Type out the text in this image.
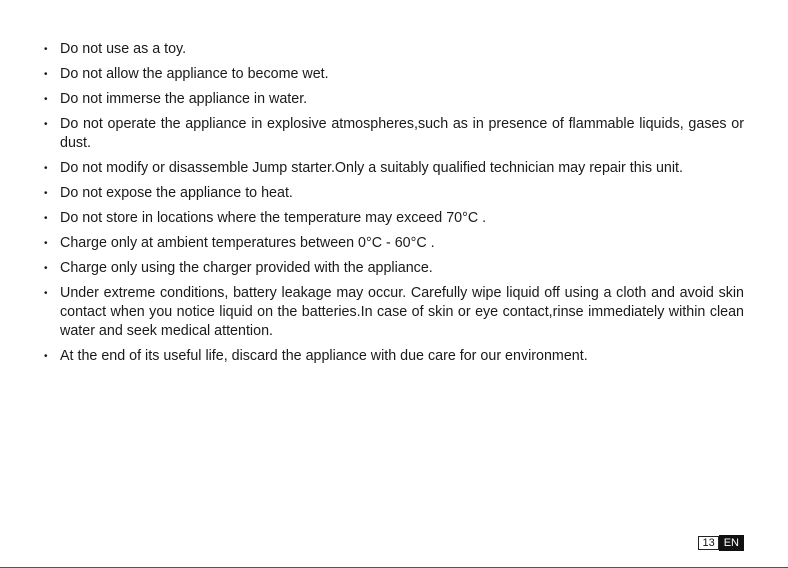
• Do not use as a toy.
• Do not allow the appliance to become wet.
• Do not immerse the appliance in water.
• Do not operate the appliance in explosive atmospheres,such as in presence of flammable liquids, gases or dust.
• Do not modify or disassemble Jump starter.Only a suitably qualified technician may repair this unit.
• Do not expose the appliance to heat.
• Do not store in locations where the temperature may exceed 70°C .
• Charge only at ambient temperatures between 0°C - 60°C .
• Charge only using the charger provided with the appliance.
• Under extreme conditions, battery leakage may occur. Carefully wipe liquid off using a cloth and avoid skin contact when you notice liquid on the batteries.In case of skin or eye contact,rinse immediately within clean water and seek medical attention.
• At the end of its useful life, discard the appliance with due care for our environment.
13 EN
